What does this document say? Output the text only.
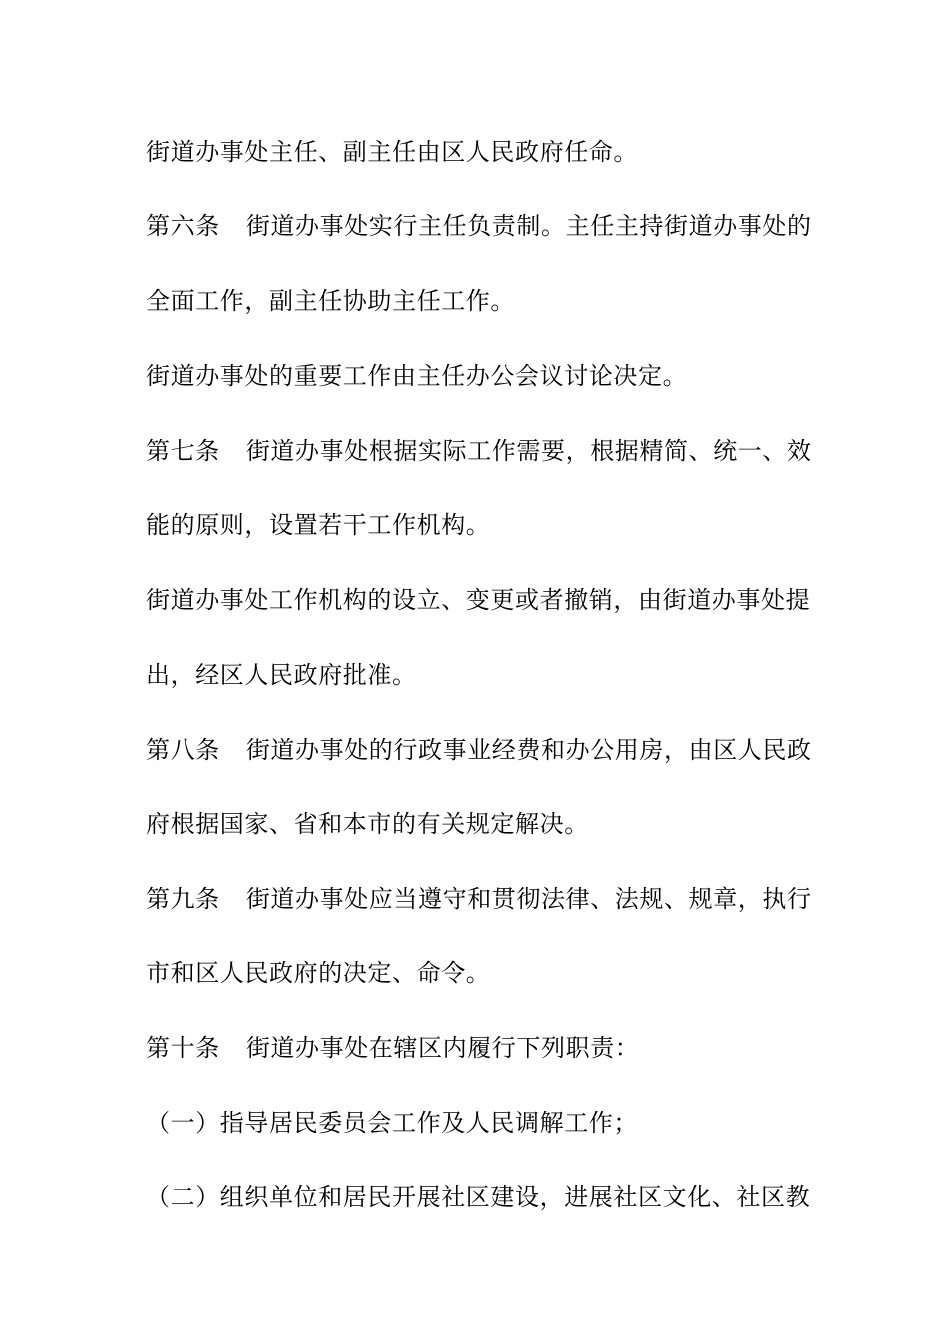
街道办事处主任、副主任由区人民政府任命。
第六条 街道办事处实行主任负责制。主任主持街道办事处的
全面工作，副主任协助主任工作。
街道办事处的重要工作由主任办公会议讨论决定。
第七条 街道办事处根据实际工作需要，根据精简、统一、效
能的原则，设置若干工作机构。
街道办事处工作机构的设立、变更或者撤销，由街道办事处提
出，经区人民政府批准。
第八条 街道办事处的行政事业经费和办公用房，由区人民政
府根据国家、省和本市的有关规定解决。
第九条 街道办事处应当遵守和贯彻法律、法规、规章，执行
市和区人民政府的决定、命令。
第十条 街道办事处在辖区内履行下列职责：
（一）指导居民委员会工作及人民调解工作；
（二）组织单位和居民开展社区建设，进展社区文化、社区教
